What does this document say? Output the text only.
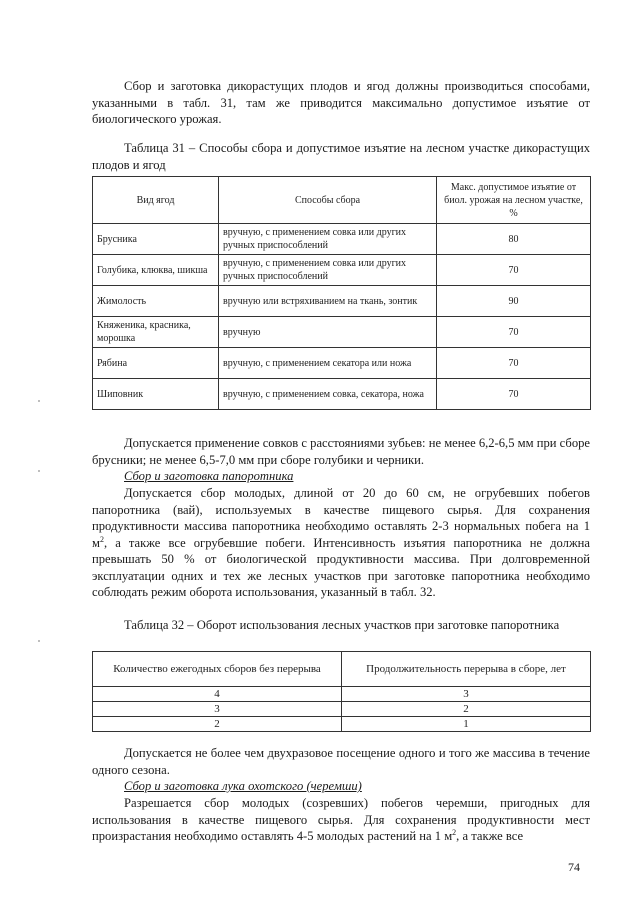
Сбор и заготовка дикорастущих плодов и ягод должны производиться способами, указанными в табл. 31, там же приводится максимально допустимое изъятие от биологического урожая.

Таблица 31 – Способы сбора и допустимое изъятие на лесном участке дикорастущих плодов и ягод

Вид ягод	Способы сбора	Макс. допустимое изъятие от биол. урожая на лесном участке, %
Брусника	вручную, с применением совка или других ручных приспособлений	80
Голубика, клюква, шикша	вручную, с применением совка или других ручных приспособлений	70
Жимолость	вручную или встряхиванием на ткань, зонтик	90
Княженика, красника, морошка	вручную	70
Рябина	вручную, с применением секатора или ножа	70
Шиповник	вручную, с применением совка, секатора, ножа	70

Допускается применение совков с расстояниями зубьев: не менее 6,2-6,5 мм при сборе брусники; не менее 6,5-7,0 мм при сборе голубики и черники.

Сбор и заготовка папоротника

Допускается сбор молодых, длиной от 20 до 60 см, не огрубевших побегов папоротника (вай), используемых в качестве пищевого сырья. Для сохранения продуктивности массива папоротника необходимо оставлять 2-3 нормальных побега на 1 $м^2$, а также все огрубевшие побеги. Интенсивность изъятия папоротника не должна превышать 50 % от биологической продуктивности массива. При долговременной эксплуатации одних и тех же лесных участков при заготовке папоротника необходимо соблюдать режим оборота использования, указанный в табл. 32.

Таблица 32 – Оборот использования лесных участков при заготовке папоротника

Количество ежегодных сборов без перерыва	Продолжительность перерыва в сборе, лет
4	3
3	2
2	1

Допускается не более чем двухразовое посещение одного и того же массива в течение одного сезона.

Сбор и заготовка лука охотского (черемши)

Разрешается сбор молодых (созревших) побегов черемши, пригодных для использования в качестве пищевого сырья. Для сохранения продуктивности мест произрастания необходимо оставлять 4-5 молодых растений на 1 $м^2$, а также все

74
